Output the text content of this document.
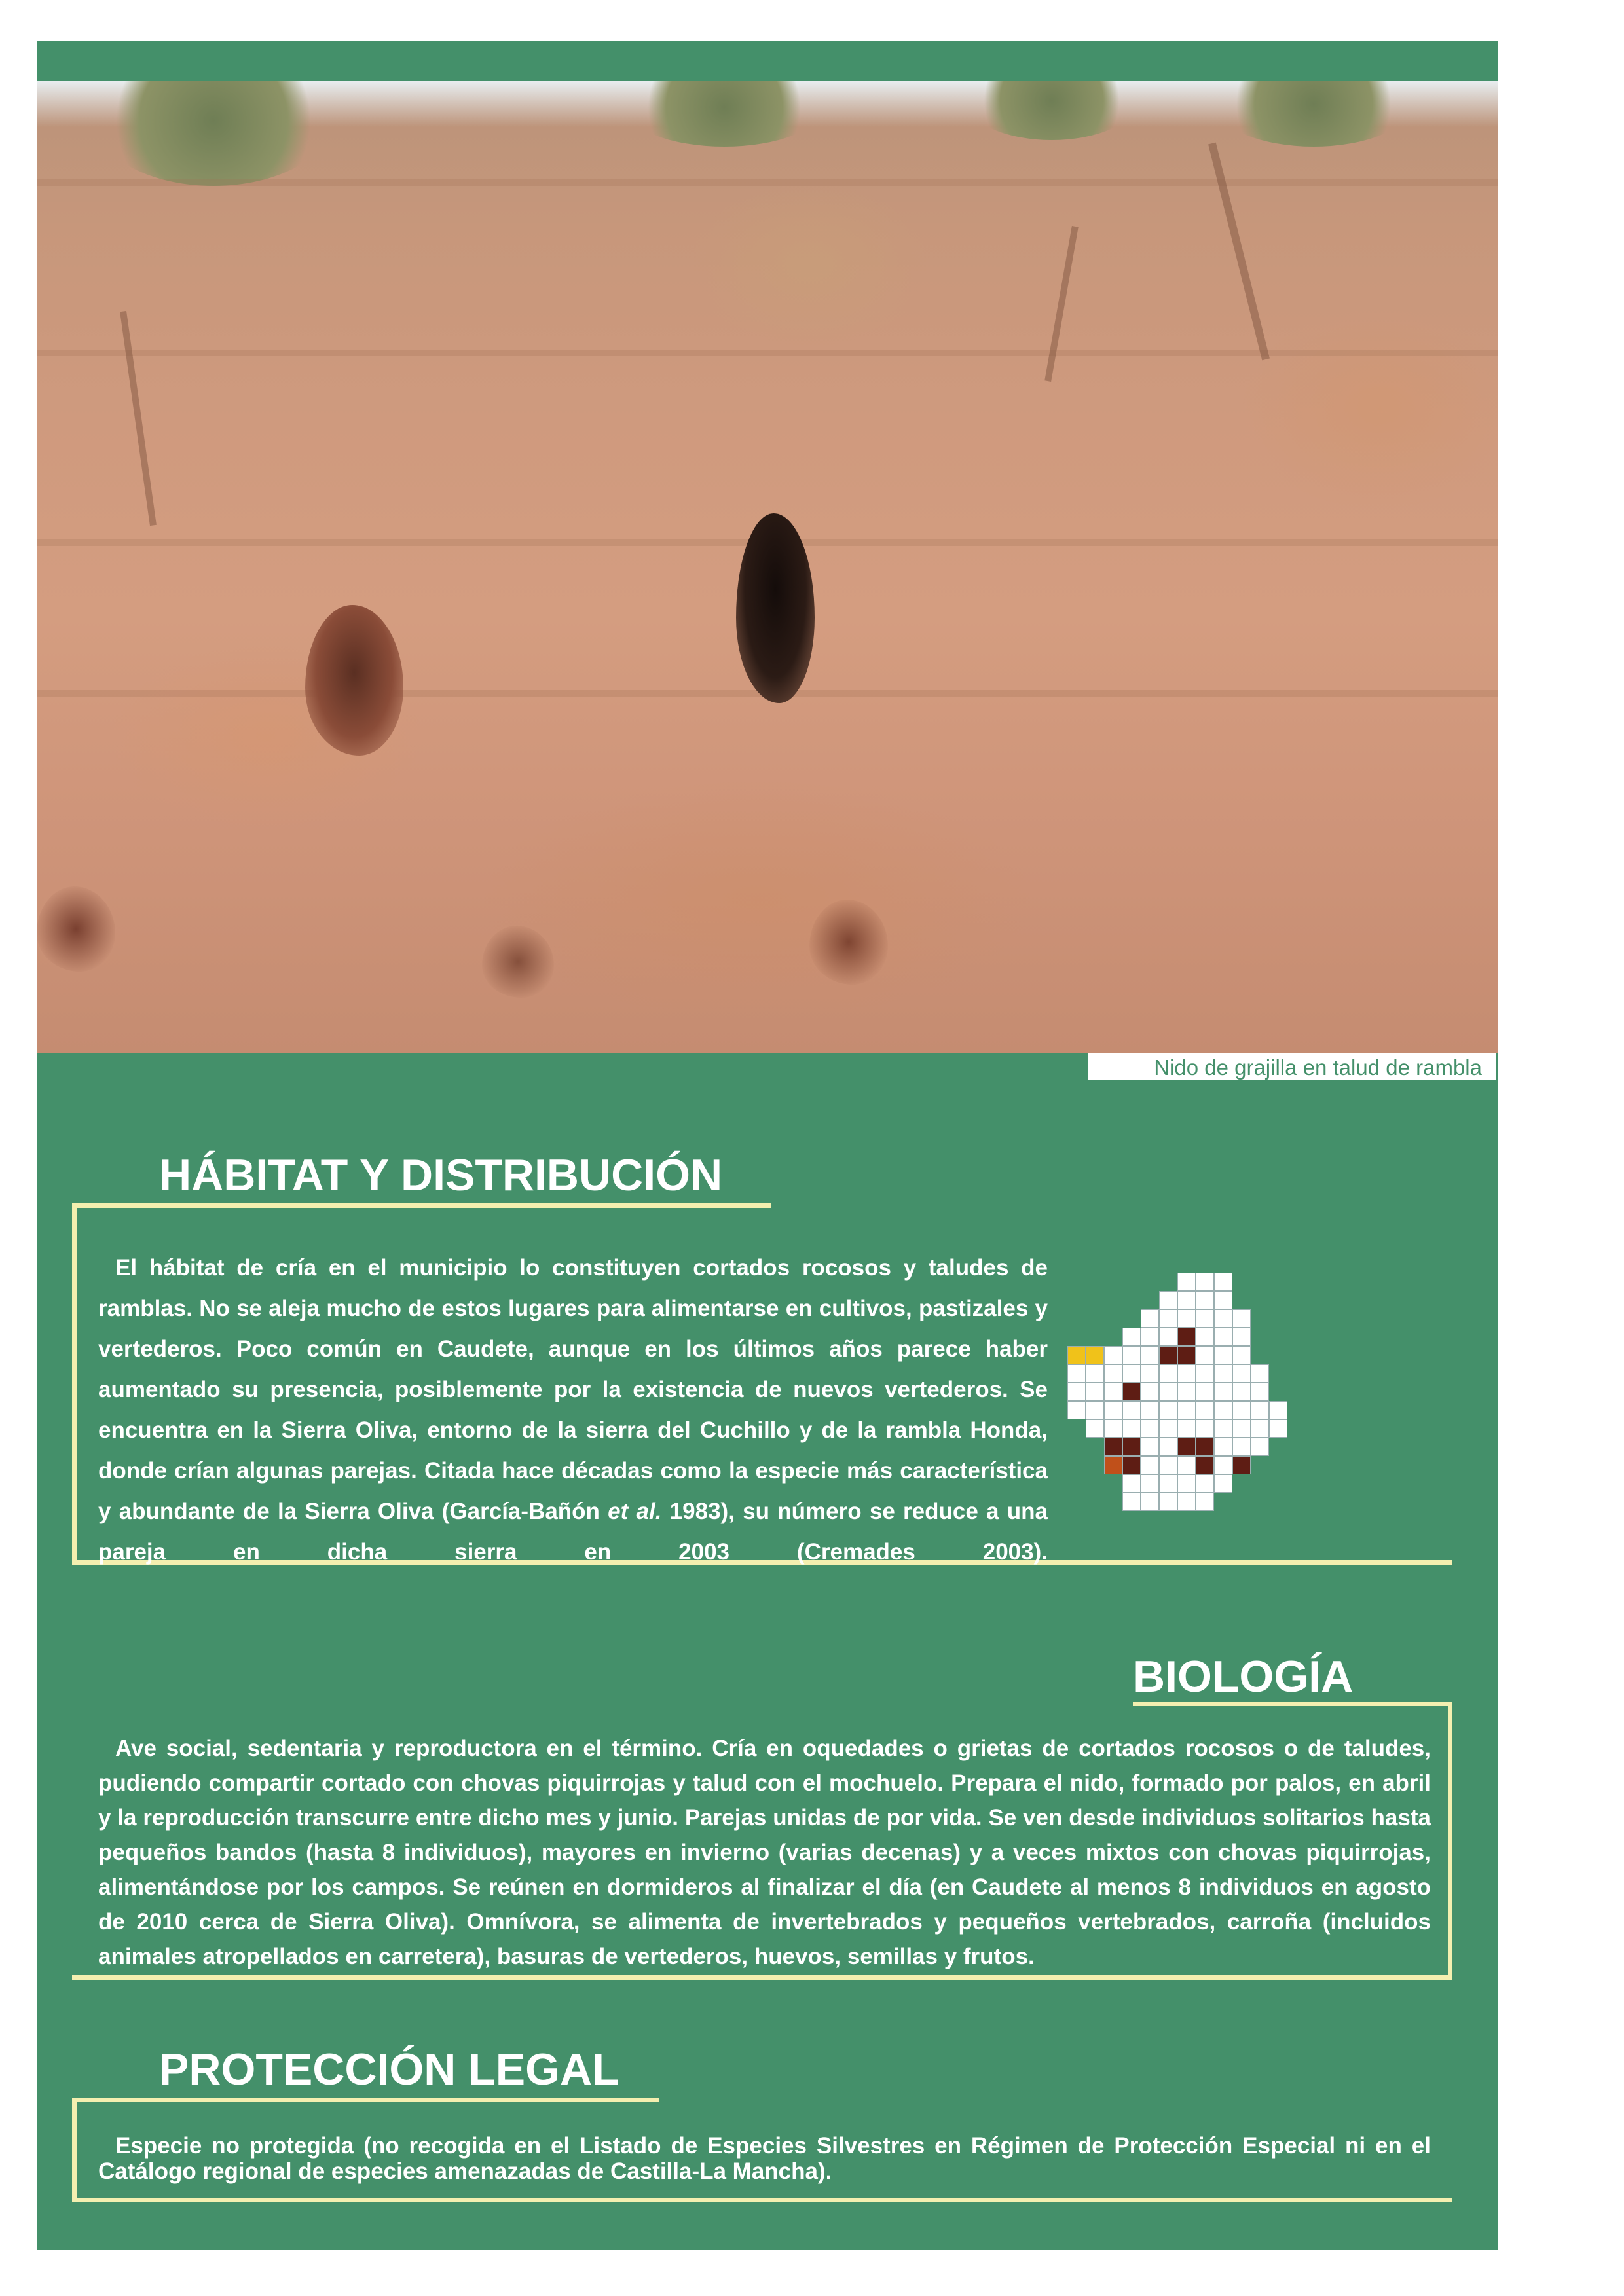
Nido de grajilla en talud de rambla
HÁBITAT Y DISTRIBUCIÓN
El hábitat de cría en el municipio lo constituyen cortados rocosos y taludes de ramblas. No se aleja mucho de estos lugares para alimentarse en cultivos, pastizales y vertederos. Poco común en Caudete, aunque en los últimos años parece haber aumentado su presencia, posiblemente por la existencia de nuevos vertederos. Se encuentra en la Sierra Oliva, entorno de la sierra del Cuchillo y de la rambla Honda, donde crían algunas parejas. Citada hace décadas como la especie más característica y abundante de la Sierra Oliva (García-Bañón et al. 1983), su número se reduce a una pareja en dicha sierra en 2003 (Cremades 2003).
BIOLOGÍA
Ave social, sedentaria y reproductora en el término. Cría en oquedades o grietas de cortados rocosos o de taludes, pudiendo compartir cortado con chovas piquirrojas y talud con el mochuelo. Prepara el nido, formado por palos, en abril y la reproducción transcurre entre dicho mes y junio. Parejas unidas de por vida. Se ven desde individuos solitarios hasta pequeños bandos (hasta 8 individuos), mayores en invierno (varias decenas) y a veces mixtos con chovas piquirrojas, alimentándose por los campos. Se reúnen en dormideros al finalizar el día (en Caudete al menos 8 individuos en agosto de 2010 cerca de Sierra Oliva). Omnívora, se alimenta de invertebrados y pequeños vertebrados, carroña (incluidos animales atropellados en carretera), basuras de vertederos, huevos, semillas y frutos.
PROTECCIÓN LEGAL
Especie no protegida (no recogida en el Listado de Especies Silvestres en Régimen de Protección Especial ni en el Catálogo regional de especies amenazadas de Castilla-La Mancha).
